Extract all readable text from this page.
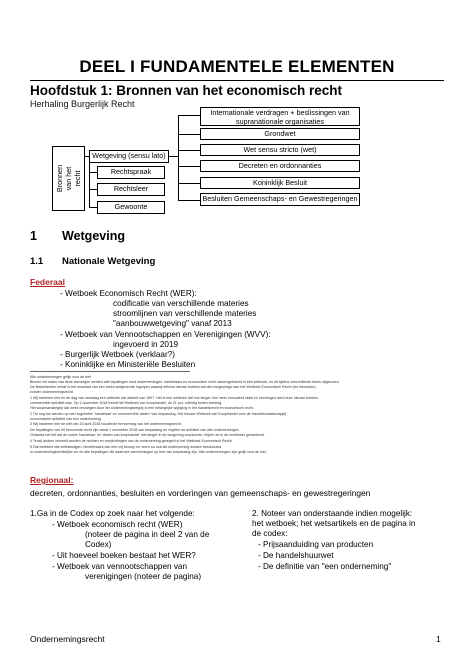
DEEL I FUNDAMENTELE ELEMENTEN
Hoofdstuk 1: Bronnen van het economisch recht
Herhaling Burgerlijk Recht
Bronnen van het recht
Wetgeving (sensu lato)
Rechtspraak
Rechtsleer
Gewoonte
Internationale verdragen + beslissingen van supranationale organisaties
Grondwet
Wet sensu stricto (wet)
Decreten en ordonnanties
Koninklijk Besluit
Besluiten Gemeenschaps- en Gewestregeringen
1 Wetgeving
1.1 Nationale Wetgeving
Federaal
- Wetboek Economisch Recht (WER):
codificatie van verschillende materies
stroomlijnen van verschillende materies
"aanbouwwetgeving" vanaf 2013
- Wetboek van Vennootschappen en Verenigingen (WVV):
ingevoerd in 2019
- Burgerlijk Wetboek (verklaar?)
- Koninklijke en Ministeriële Besluiten
Alle ondernemingen gelijk voor de wet
Binnen het kader van deze zienswijze werden alle bepalingen rond ondernemingen, handelaars en economisch recht samengebracht in één wetboek, en dit tijdens verschillende fases uitgevoerd.
De Nederlandse versie is het resultaat van een reeks wetgevende ingrepen waarbij telkens nieuwe boeken werden toegevoegd aan het Wetboek Economisch Recht (zie hieronder).
zonder ondernemingsrecht
1 Wij hanteren hier en de dag van vandaag een wetboek dat dateert van 1807. Het is een wetboek dat hoe langer hoe meer verouderd raakt en vervangen werd door nieuwe boeken.
commerciële activiteit was. Op 1 november 2018 treedt het Wetboek van Koophandel, de 21 pur, volledig buiten werking.
Het koopmansbegrip dat werd vervangen door het ondernemingsbegrip is een belangrijke wijziging in het handelsrecht en economisch recht.
2 Tot nog toe werden op hen zogeheten 'handelaar' en 'commerciële daden' van toepassing. Het nieuwe Wetboek van Koophandel voor de 'handelsmaatschappij'.
economische activiteit van een onderneming.
3 Wij hanteren hier de wet van 15 april 2018 houdende hervorming van het ondernemingsrecht.
De bepalingen van dit hervormde recht zijn vanaf 1 november 2018 van toepassing en regelen de activiteit van alle ondernemingen.
Ondanks het feit dat de noties 'handelaar' en 'daden van koophandel' niet langer in de wetgeving voorkomen, blijven ze in de rechtsleer gehanteerd.
4 Tenzij anders vermeld worden de rechten en verplichtingen van de onderneming geregeld in het Wetboek Economisch Recht.
5 Dat betekent dat zelfstandigen, beoefenaars van een vrij beroep en vzw's nu ook als onderneming worden beschouwd.
in ondernemingsrechtelijke zin en alle bepalingen die daarmee samenhangen op hen van toepassing zijn. Alle ondernemingen zijn gelijk voor de wet.
Regionaal:
decreten, ordonnanties, besluiten en vorderingen van gemeenschaps- en gewestregeringen
1.Ga in de Codex op zoek naar het volgende:
- Wetboek economisch recht (WER)
(noteer de pagina in deel 2 van de
Codex)
- Uit hoeveel boeken bestaat het WER?
- Wetboek van vennootschappen van
verenigingen (noteer de pagina)
2. Noteer van onderstaande indien mogelijk:
het wetboek; het wetsartikels en de pagina in
de codex:
- Prijsaanduiding van producten
- De handelshuurwet
- De definitie van "een onderneming"
Ondernemingsrecht	1
